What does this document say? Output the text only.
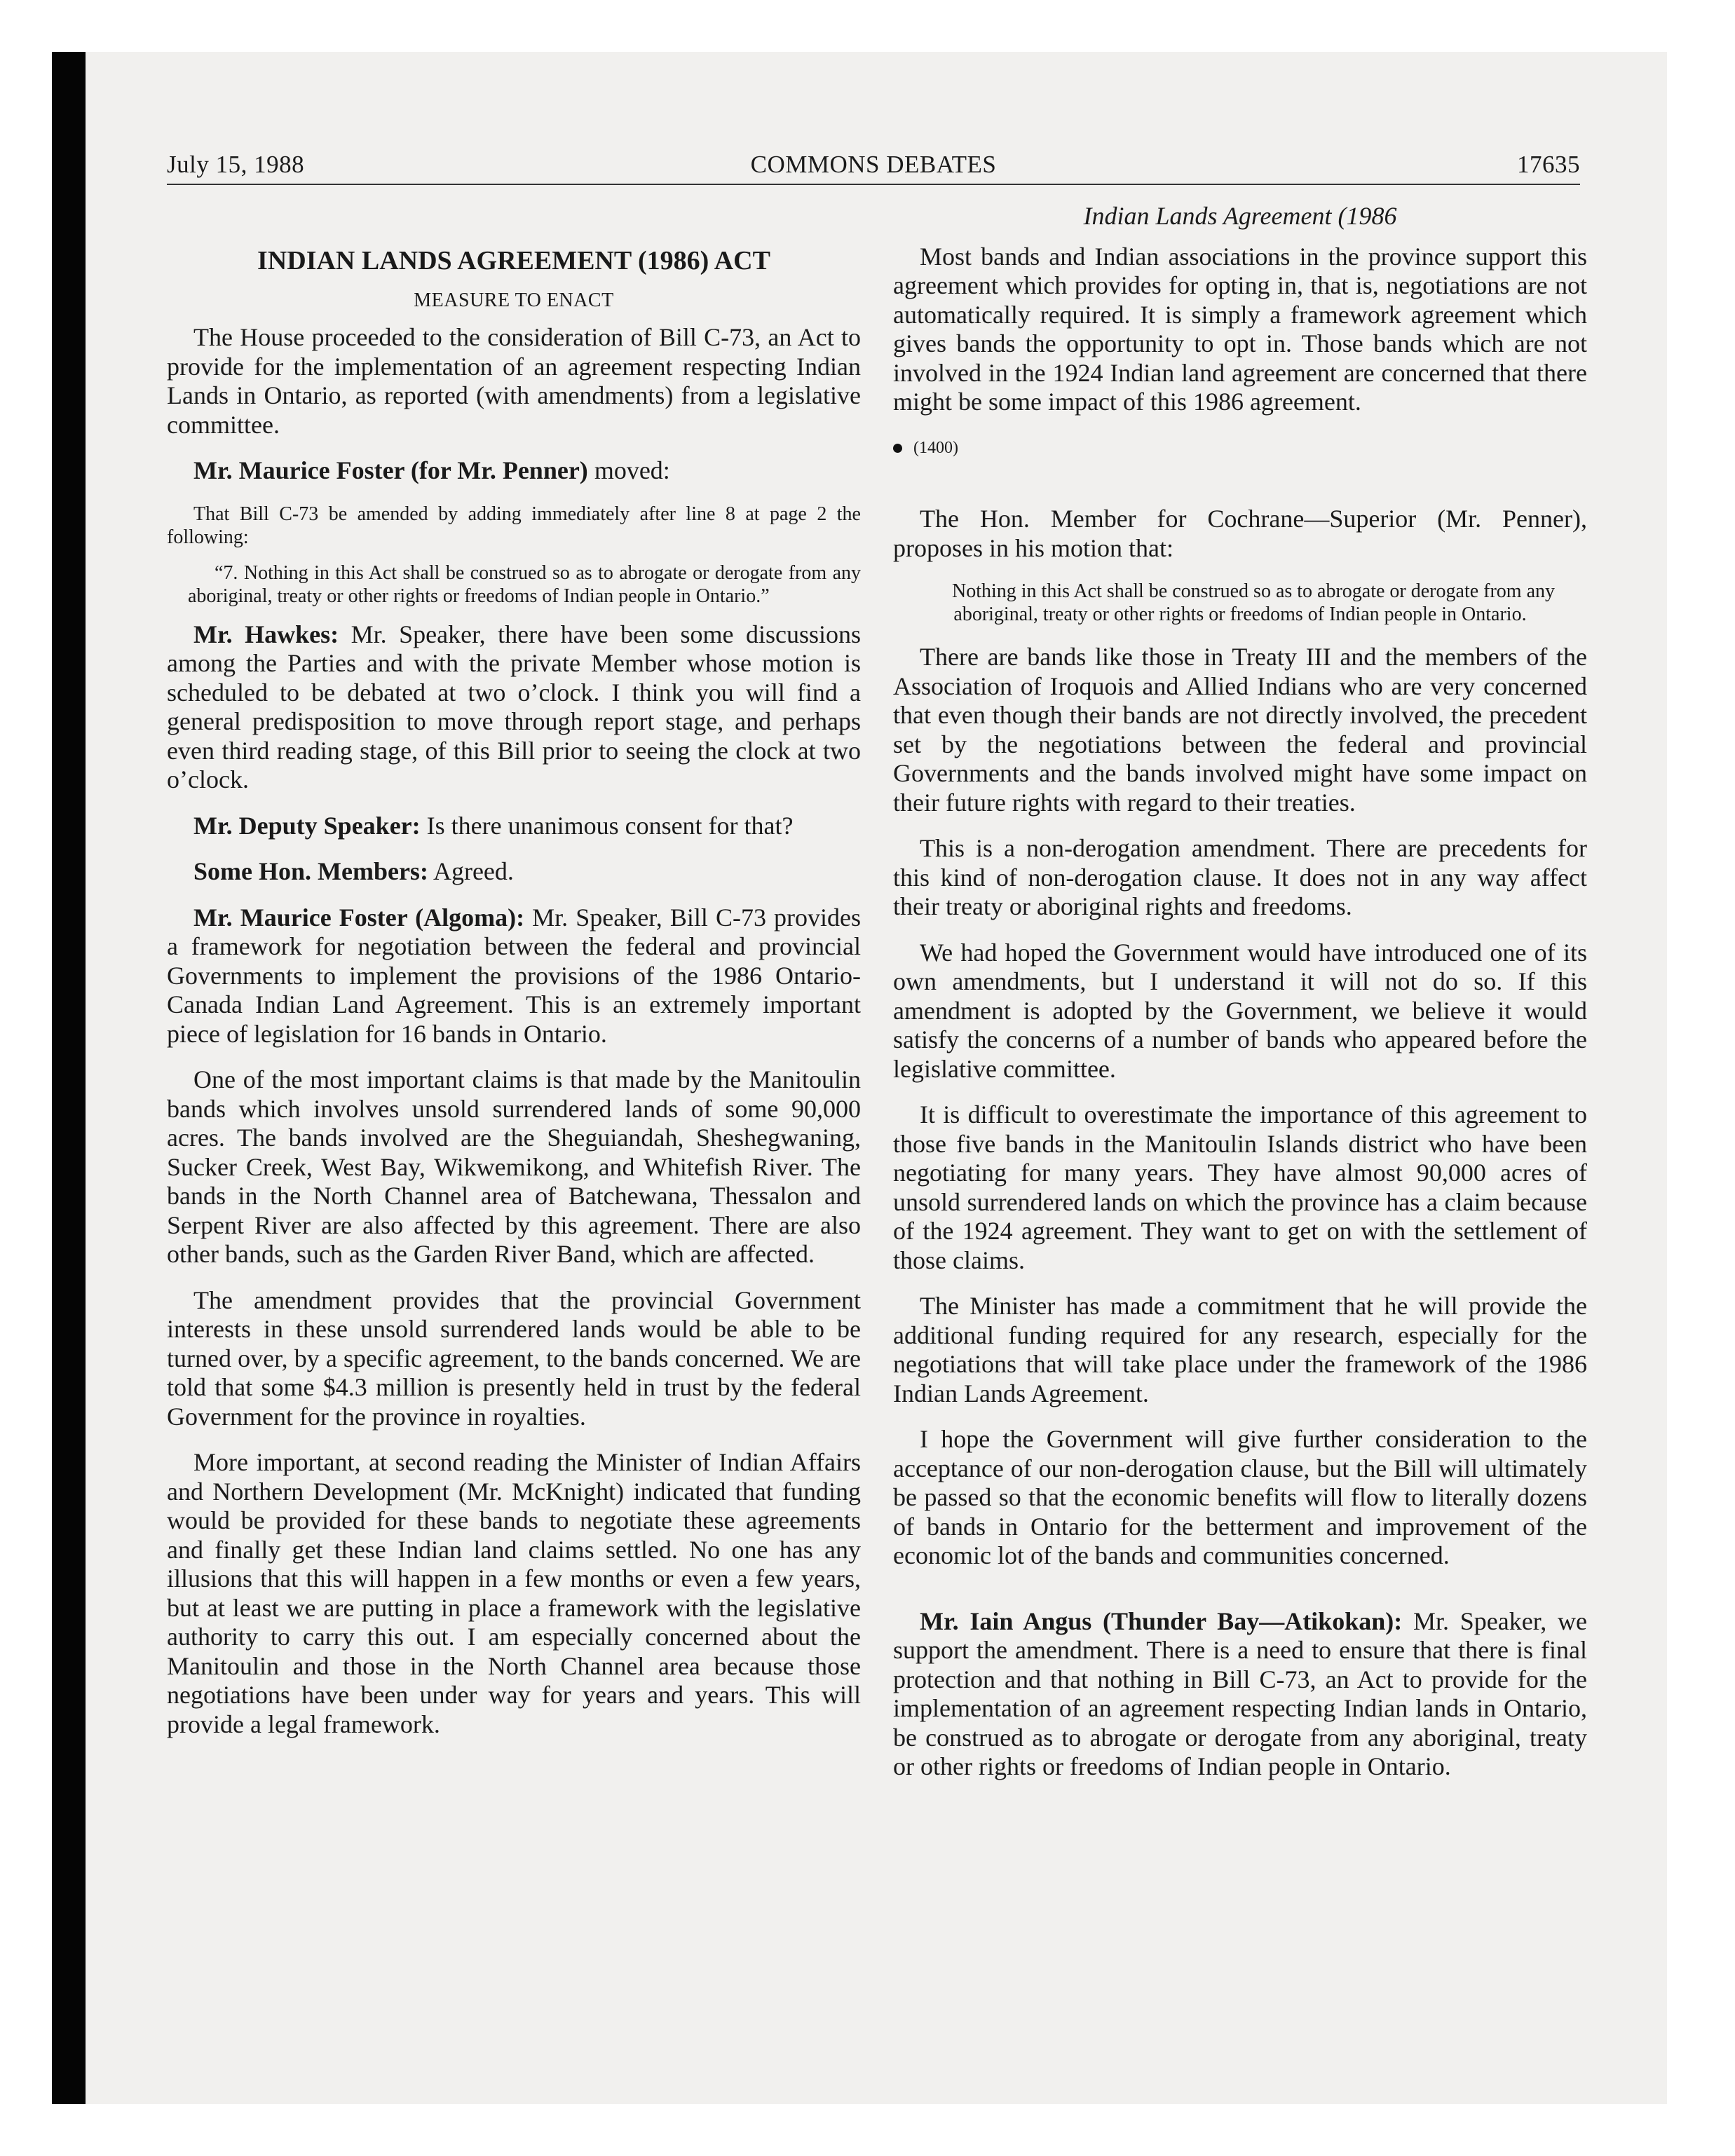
July 15, 1988	COMMONS DEBATES	17635
INDIAN LANDS AGREEMENT (1986) ACT
MEASURE TO ENACT

The House proceeded to the consideration of Bill C-73, an Act to provide for the implementation of an agreement respecting Indian Lands in Ontario, as reported (with amendments) from a legislative committee.

Mr. Maurice Foster (for Mr. Penner) moved:

That Bill C-73 be amended by adding immediately after line 8 at page 2 the following:

“7. Nothing in this Act shall be construed so as to abrogate or derogate from any aboriginal, treaty or other rights or freedoms of Indian people in Ontario.”

Mr. Hawkes: Mr. Speaker, there have been some discussions among the Parties and with the private Member whose motion is scheduled to be debated at two o’clock. I think you will find a general predisposition to move through report stage, and perhaps even third reading stage, of this Bill prior to seeing the clock at two o’clock.

Mr. Deputy Speaker: Is there unanimous consent for that?

Some Hon. Members: Agreed.

Mr. Maurice Foster (Algoma): Mr. Speaker, Bill C-73 provides a framework for negotiation between the federal and provincial Governments to implement the provisions of the 1986 Ontario-Canada Indian Land Agreement. This is an extremely important piece of legislation for 16 bands in Ontario.

One of the most important claims is that made by the Manitoulin bands which involves unsold surrendered lands of some 90,000 acres. The bands involved are the Sheguiandah, Sheshegwaning, Sucker Creek, West Bay, Wikwemikong, and Whitefish River. The bands in the North Channel area of Batchewana, Thessalon and Serpent River are also affected by this agreement. There are also other bands, such as the Garden River Band, which are affected.

The amendment provides that the provincial Government interests in these unsold surrendered lands would be able to be turned over, by a specific agreement, to the bands concerned. We are told that some $4.3 million is presently held in trust by the federal Government for the province in royalties.

More important, at second reading the Minister of Indian Affairs and Northern Development (Mr. McKnight) indicated that funding would be provided for these bands to negotiate these agreements and finally get these Indian land claims settled. No one has any illusions that this will happen in a few months or even a few years, but at least we are putting in place a framework with the legislative authority to carry this out. I am especially concerned about the Manitoulin and those in the North Channel area because those negotiations have been under way for years and years. This will provide a legal framework.

Indian Lands Agreement (1986

Most bands and Indian associations in the province support this agreement which provides for opting in, that is, negotiations are not automatically required. It is simply a framework agreement which gives bands the opportunity to opt in. Those bands which are not involved in the 1924 Indian land agreement are concerned that there might be some impact of this 1986 agreement.

(1400)

The Hon. Member for Cochrane—Superior (Mr. Penner), proposes in his motion that:

Nothing in this Act shall be construed so as to abrogate or derogate from any aboriginal, treaty or other rights or freedoms of Indian people in Ontario.

There are bands like those in Treaty III and the members of the Association of Iroquois and Allied Indians who are very concerned that even though their bands are not directly involved, the precedent set by the negotiations between the federal and provincial Governments and the bands involved might have some impact on their future rights with regard to their treaties.

This is a non-derogation amendment. There are precedents for this kind of non-derogation clause. It does not in any way affect their treaty or aboriginal rights and freedoms.

We had hoped the Government would have introduced one of its own amendments, but I understand it will not do so. If this amendment is adopted by the Government, we believe it would satisfy the concerns of a number of bands who appeared before the legislative committee.

It is difficult to overestimate the importance of this agreement to those five bands in the Manitoulin Islands district who have been negotiating for many years. They have almost 90,000 acres of unsold surrendered lands on which the province has a claim because of the 1924 agreement. They want to get on with the settlement of those claims.

The Minister has made a commitment that he will provide the additional funding required for any research, especially for the negotiations that will take place under the framework of the 1986 Indian Lands Agreement.

I hope the Government will give further consideration to the acceptance of our non-derogation clause, but the Bill will ultimately be passed so that the economic benefits will flow to literally dozens of bands in Ontario for the betterment and improvement of the economic lot of the bands and communities concerned.

Mr. Iain Angus (Thunder Bay—Atikokan): Mr. Speaker, we support the amendment. There is a need to ensure that there is final protection and that nothing in Bill C-73, an Act to provide for the implementation of an agreement respecting Indian lands in Ontario, be construed as to abrogate or derogate from any aboriginal, treaty or other rights or freedoms of Indian people in Ontario.
